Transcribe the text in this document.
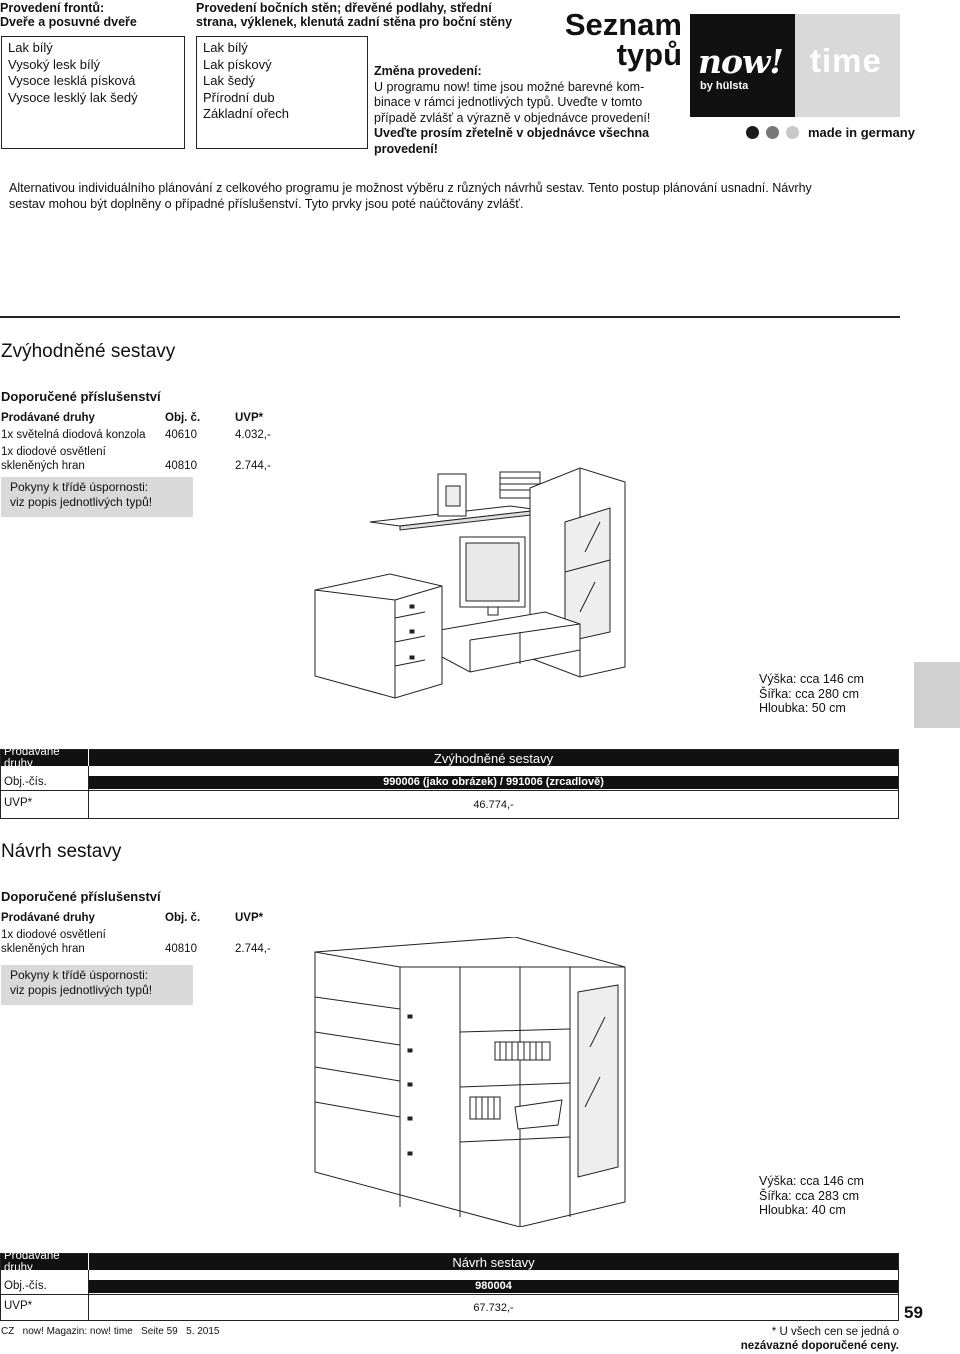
Provedení frontů:
Dveře a posuvné dveře
Lak bílý
Vysoký lesk bílý
Vysoce lesklá písková
Vysoce lesklý lak šedý
Provedení bočních stěn; dřevěné podlahy, střední
strana, výklenek, klenutá zadní stěna pro boční stěny
Lak bílý
Lak pískový
Lak šedý
Přírodní dub
Základní ořech
Seznam
typů
Změna provedení:
U programu now! time jsou možné barevné kom-
binace v rámci jednotlivých typů. Uveďte v tomto
případě zvlášť a výrazně v objednávce provedení!
Uveďte prosím zřetelně v objednávce všechna
provedení!
now!
by hülsta
time
made in germany
Alternativou individuálního plánování z celkového programu je možnost výběru z různých návrhů sestav. Tento postup plánování usnadní. Návrhy
sestav mohou být doplněny o případné příslušenství. Tyto prvky jsou poté naúčtovány zvlášť.
Zvýhodněné sestavy
Doporučené příslušenství
Prodávané druhy	Obj. č.	UVP*
1x světelná diodová konzola	40610	4.032,-

1x diodové osvětlení
skleněných hran	40810	2.744,-
Pokyny k třídě úspornosti:
viz popis jednotlivých typů!
Výška: cca 146 cm
Šířka: cca 280 cm
Hloubka: 50 cm
Prodávané druhy	Zvýhodněné sestavy
Obj.-čís.	990006 (jako obrázek) / 991006 (zrcadlově)
UVP*	46.774,-
Návrh sestavy
Doporučené příslušenství
Prodávané druhy	Obj. č.	UVP*

1x diodové osvětlení
skleněných hran	40810	2.744,-
Pokyny k třídě úspornosti:
viz popis jednotlivých typů!
Výška: cca 146 cm
Šířka: cca 283 cm
Hloubka: 40 cm
Prodávané druhy	Návrh sestavy
Obj.-čís.	980004
UVP*	67.732,-	59
CZ   now! Magazin: now! time   Seite 59   5. 2015	* U všech cen se jedná o
nezávazné doporučené ceny.
